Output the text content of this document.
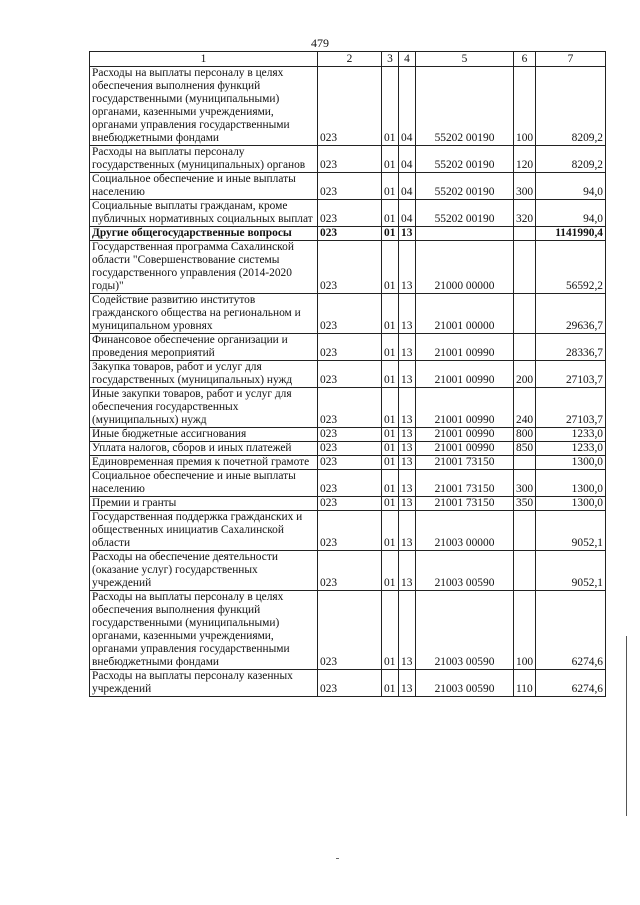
479
1	2	3	4	5	6	7
Расходы на выплаты персоналу в целях обеспечения выполнения функций государственными (муниципальными) органами, казенными учреждениями, органами управления государственными внебюджетными фондами	023	01	04	55202 00190	100	8209,2
Расходы на выплаты персоналу государственных (муниципальных) органов	023	01	04	55202 00190	120	8209,2
Социальное обеспечение и иные выплаты населению	023	01	04	55202 00190	300	94,0
Социальные выплаты гражданам, кроме публичных нормативных социальных выплат	023	01	04	55202 00190	320	94,0
Другие общегосударственные вопросы	023	01	13			1141990,4
Государственная программа Сахалинской области "Совершенствование системы государственного управления (2014-2020 годы)"	023	01	13	21000 00000		56592,2
Содействие развитию институтов гражданского общества на региональном и муниципальном уровнях	023	01	13	21001 00000		29636,7
Финансовое обеспечение организации и проведения мероприятий	023	01	13	21001 00990		28336,7
Закупка товаров, работ и услуг для государственных (муниципальных) нужд	023	01	13	21001 00990	200	27103,7
Иные закупки товаров, работ и услуг для обеспечения государственных (муниципальных) нужд	023	01	13	21001 00990	240	27103,7
Иные бюджетные ассигнования	023	01	13	21001 00990	800	1233,0
Уплата налогов, сборов и иных платежей	023	01	13	21001 00990	850	1233,0
Единовременная премия к почетной грамоте	023	01	13	21001 73150		1300,0
Социальное обеспечение и иные выплаты населению	023	01	13	21001 73150	300	1300,0
Премии и гранты	023	01	13	21001 73150	350	1300,0
Государственная поддержка гражданских и общественных инициатив Сахалинской области	023	01	13	21003 00000		9052,1
Расходы на обеспечение деятельности (оказание услуг) государственных учреждений	023	01	13	21003 00590		9052,1
Расходы на выплаты персоналу в целях обеспечения выполнения функций государственными (муниципальными) органами, казенными учреждениями, органами управления государственными внебюджетными фондами	023	01	13	21003 00590	100	6274,6
Расходы на выплаты персоналу казенных учреждений	023	01	13	21003 00590	110	6274,6
